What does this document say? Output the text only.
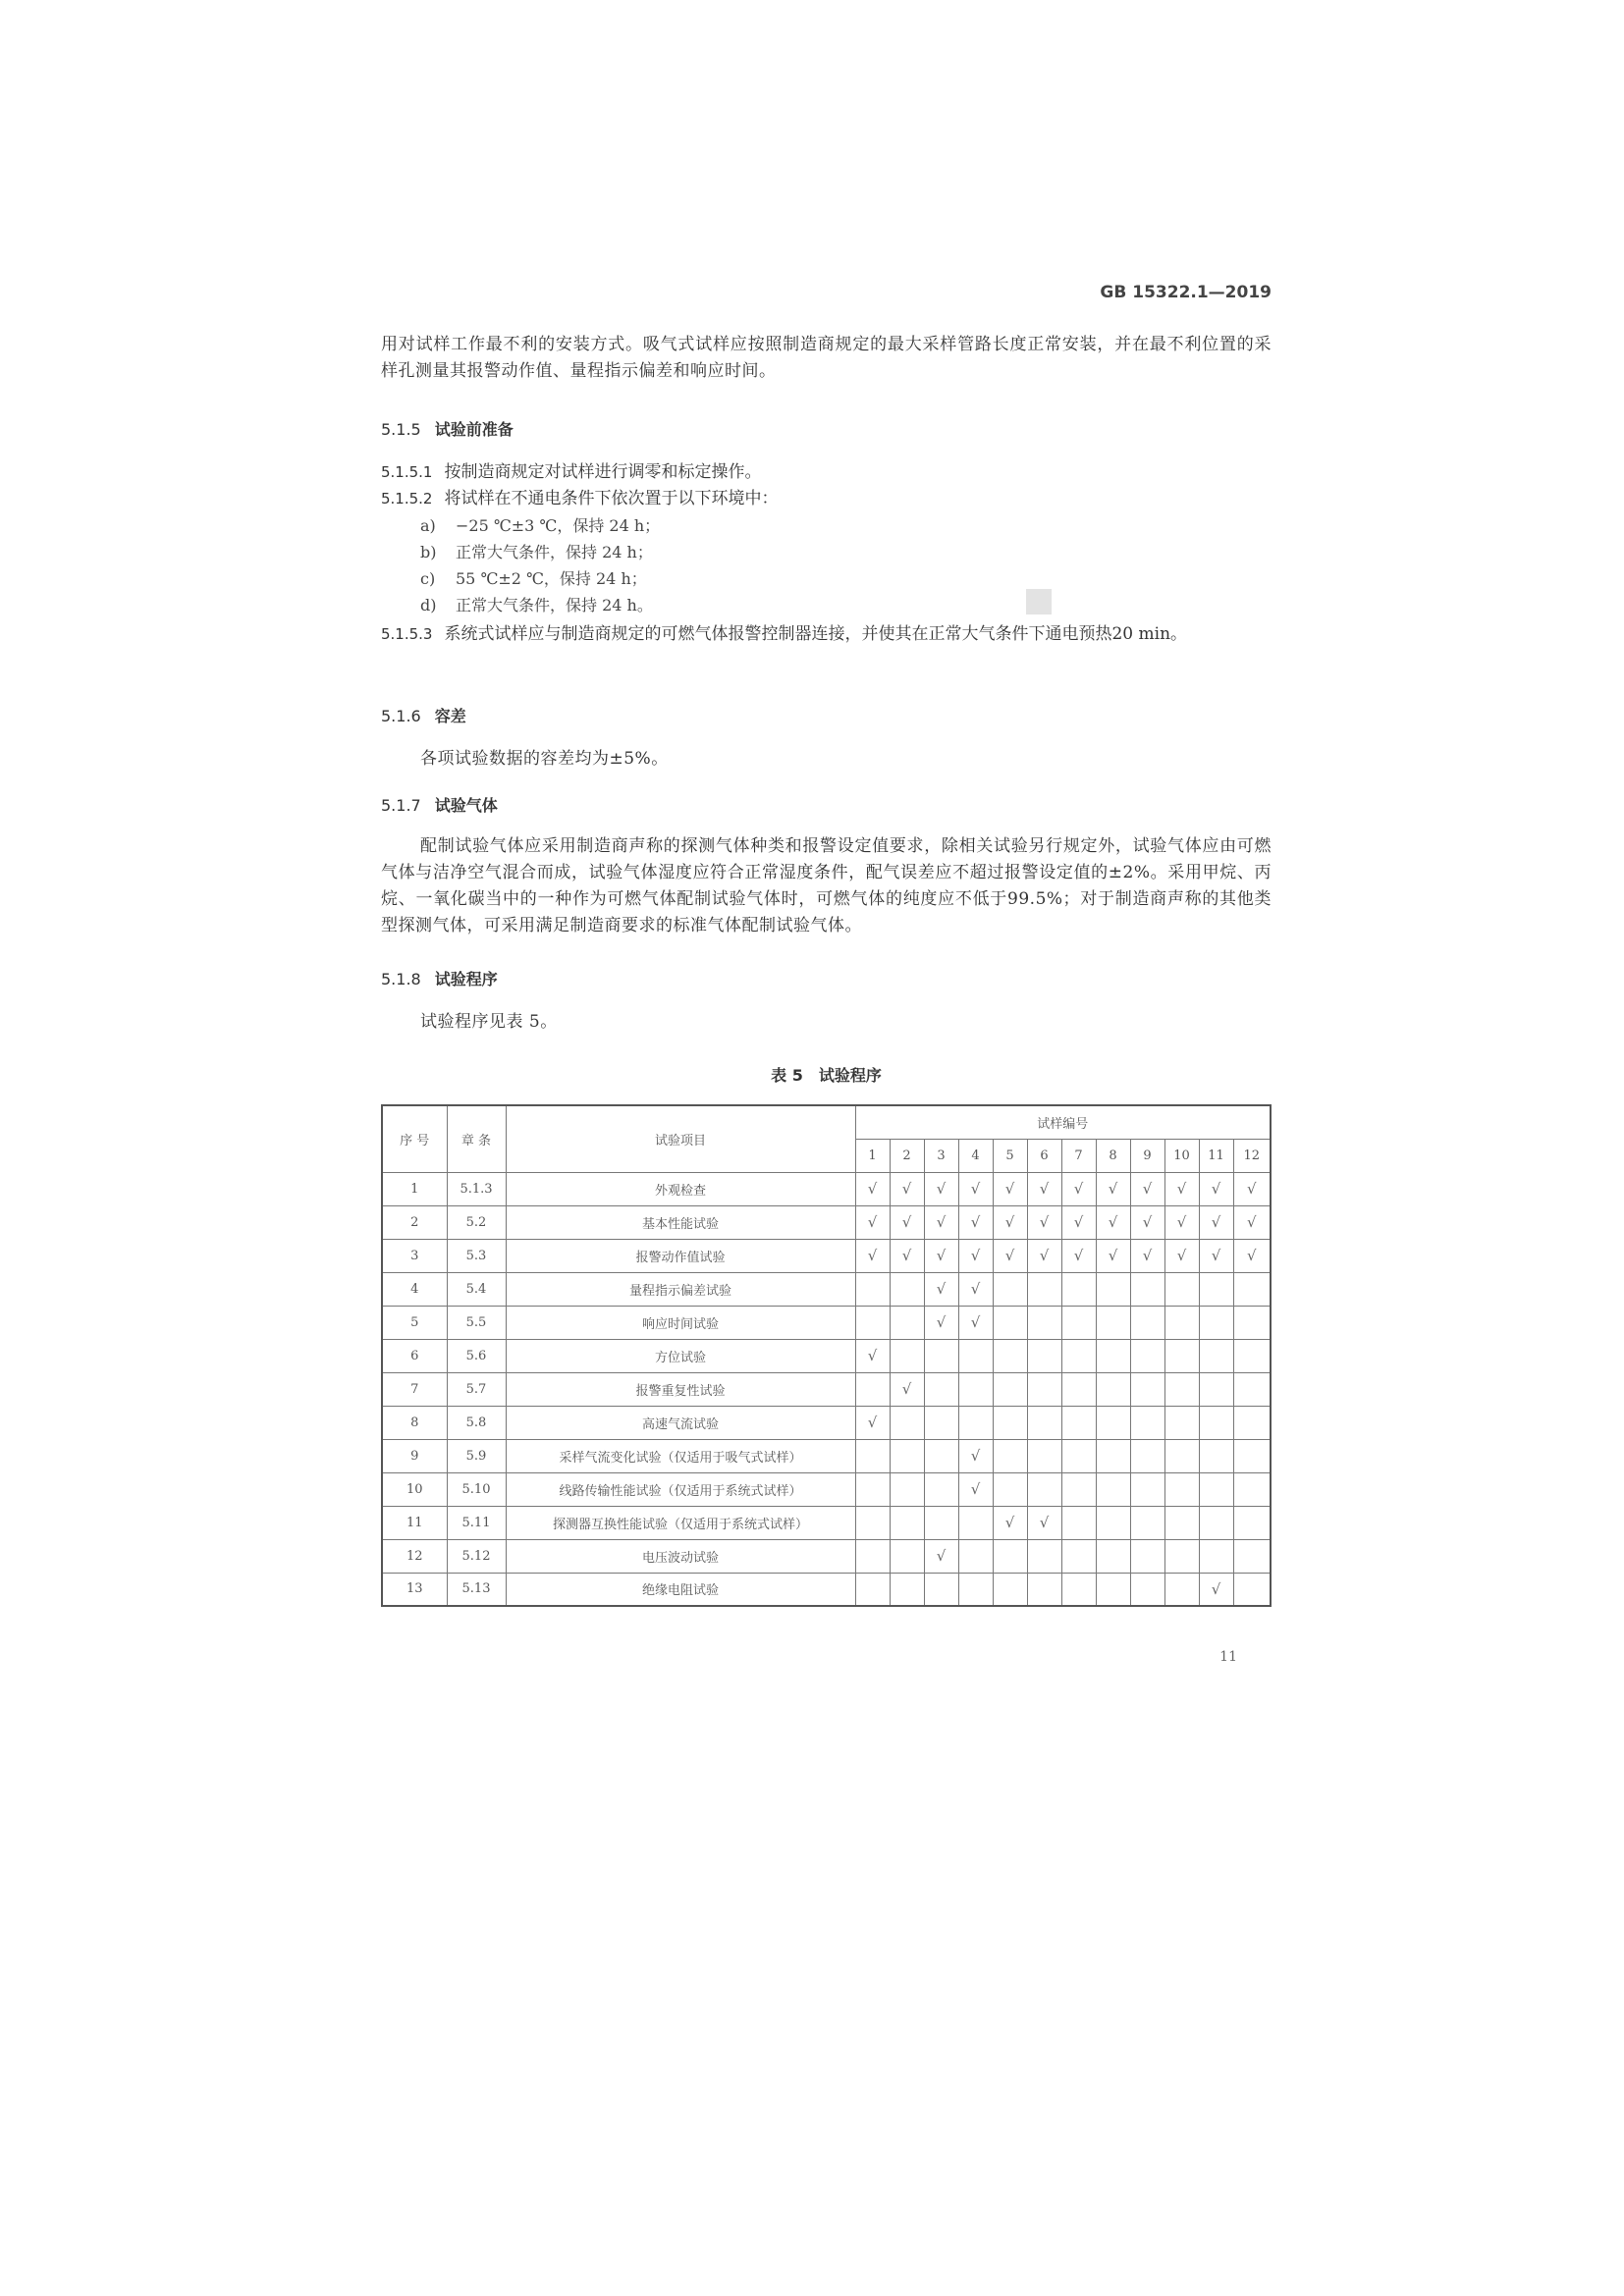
GB 15322.1—2019
用对试样工作最不利的安装方式。吸气式试样应按照制造商规定的最大采样管路长度正常安装，并在最不利位置的采样孔测量其报警动作值、量程指示偏差和响应时间。
5.1.5 试验前准备
5.1.5.1 按制造商规定对试样进行调零和标定操作。
5.1.5.2 将试样在不通电条件下依次置于以下环境中：
a) −25 ℃±3 ℃，保持 24 h；
b) 正常大气条件，保持 24 h；
c) 55 ℃±2 ℃，保持 24 h；
d) 正常大气条件，保持 24 h。
5.1.5.3 系统式试样应与制造商规定的可燃气体报警控制器连接，并使其在正常大气条件下通电预热20 min。
5.1.6 容差
各项试验数据的容差均为±5%。
5.1.7 试验气体
配制试验气体应采用制造商声称的探测气体种类和报警设定值要求，除相关试验另行规定外，试验气体应由可燃气体与洁净空气混合而成，试验气体湿度应符合正常湿度条件，配气误差应不超过报警设定值的±2%。采用甲烷、丙烷、一氧化碳当中的一种作为可燃气体配制试验气体时，可燃气体的纯度应不低于99.5%；对于制造商声称的其他类型探测气体，可采用满足制造商要求的标准气体配制试验气体。
5.1.8 试验程序
试验程序见表 5。
表 5　试验程序
序 号	章 条	试验项目	试样编号											
			1	2	3	4	5	6	7	8	9	10	11	12
1	5.1.3	外观检查	√	√	√	√	√	√	√	√	√	√	√	√
2	5.2	基本性能试验	√	√	√	√	√	√	√	√	√	√	√	√
3	5.3	报警动作值试验	√	√	√	√	√	√	√	√	√	√	√	√
4	5.4	量程指示偏差试验			√	√								
5	5.5	响应时间试验			√	√								
6	5.6	方位试验	√											
7	5.7	报警重复性试验		√										
8	5.8	高速气流试验	√											
9	5.9	采样气流变化试验（仅适用于吸气式试样）				√								
10	5.10	线路传输性能试验（仅适用于系统式试样）				√								
11	5.11	探测器互换性能试验（仅适用于系统式试样）					√	√						
12	5.12	电压波动试验			√									
13	5.13	绝缘电阻试验											√	
11
